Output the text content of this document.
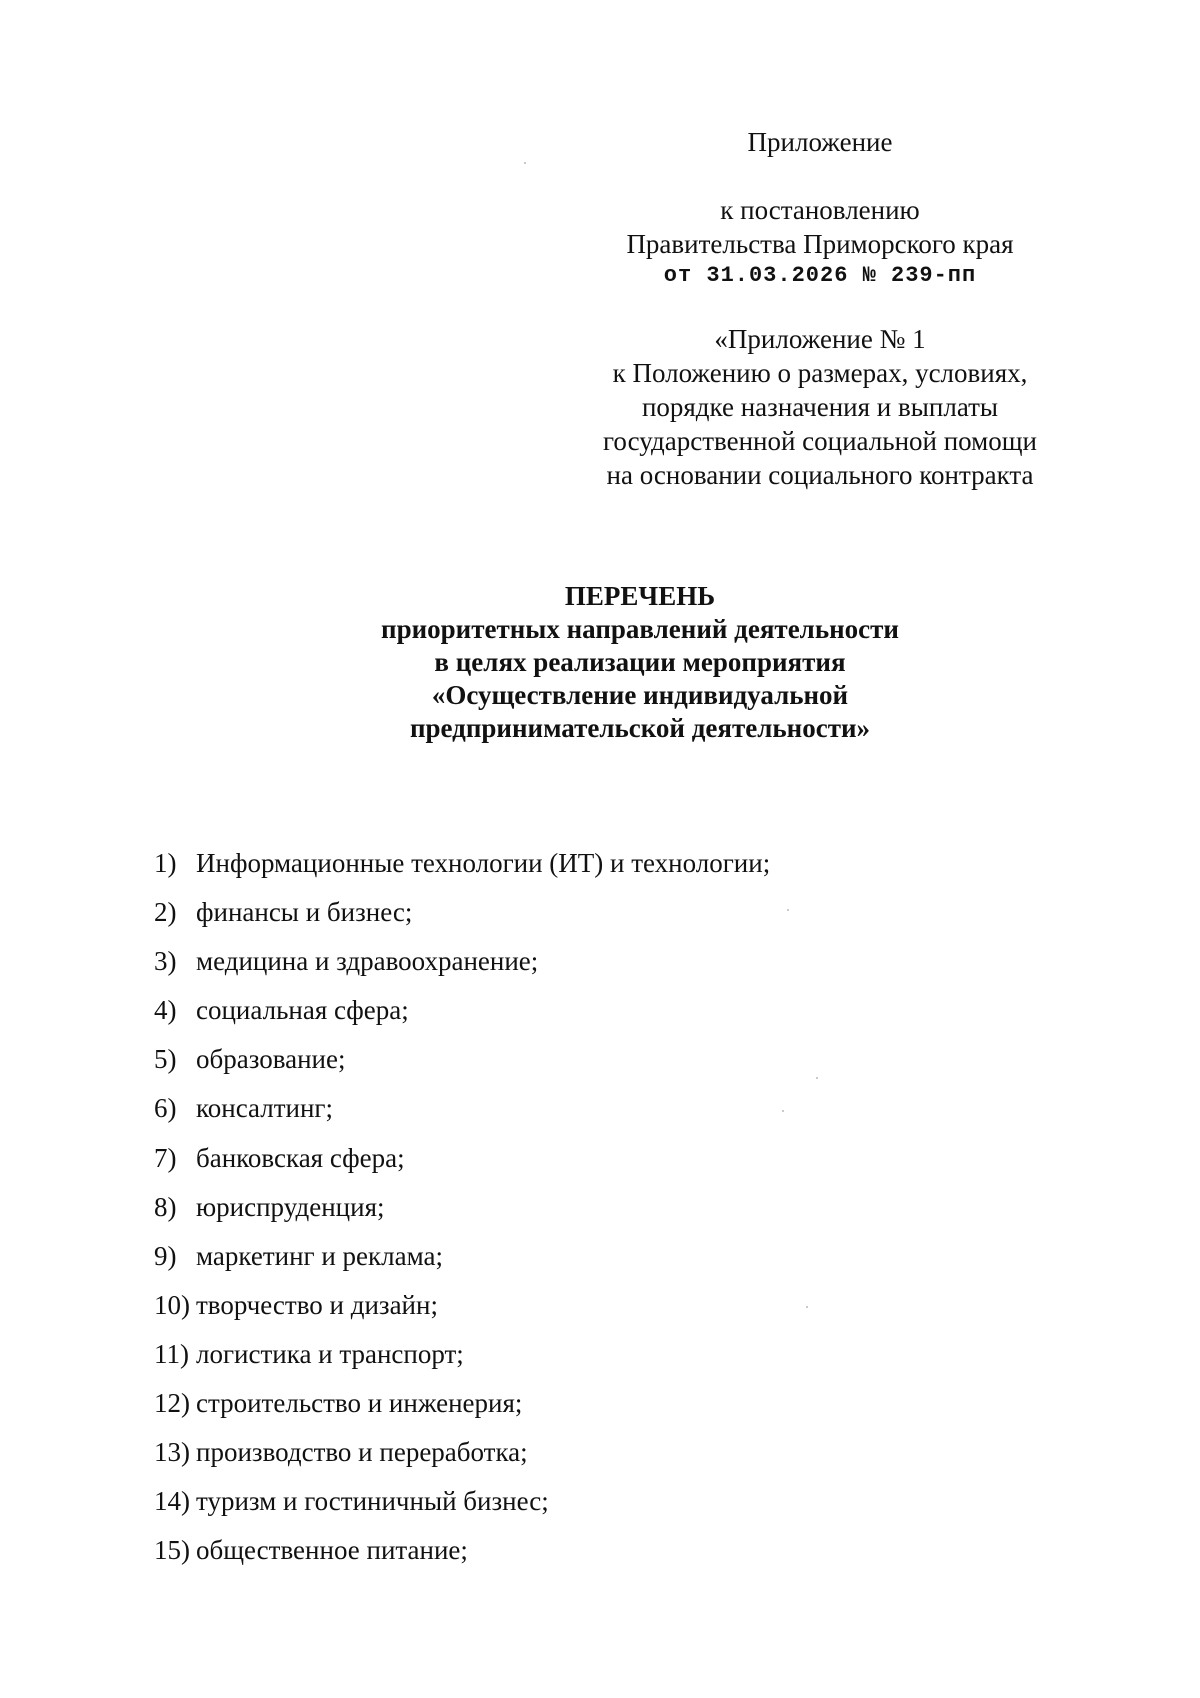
Приложение
к постановлению
Правительства Приморского края
от 31.03.2026 № 239-пп
«Приложение № 1
к Положению о размерах, условиях,
порядке назначения и выплаты
государственной социальной помощи
на основании социального контракта
ПЕРЕЧЕНЬ
приоритетных направлений деятельности
в целях реализации мероприятия
«Осуществление индивидуальной
предпринимательской деятельности»
1) Информационные технологии (ИТ) и технологии;
2) финансы и бизнес;
3) медицина и здравоохранение;
4) социальная сфера;
5) образование;
6) консалтинг;
7) банковская сфера;
8) юриспруденция;
9) маркетинг и реклама;
10) творчество и дизайн;
11) логистика и транспорт;
12) строительство и инженерия;
13) производство и переработка;
14) туризм и гостиничный бизнес;
15) общественное питание;
